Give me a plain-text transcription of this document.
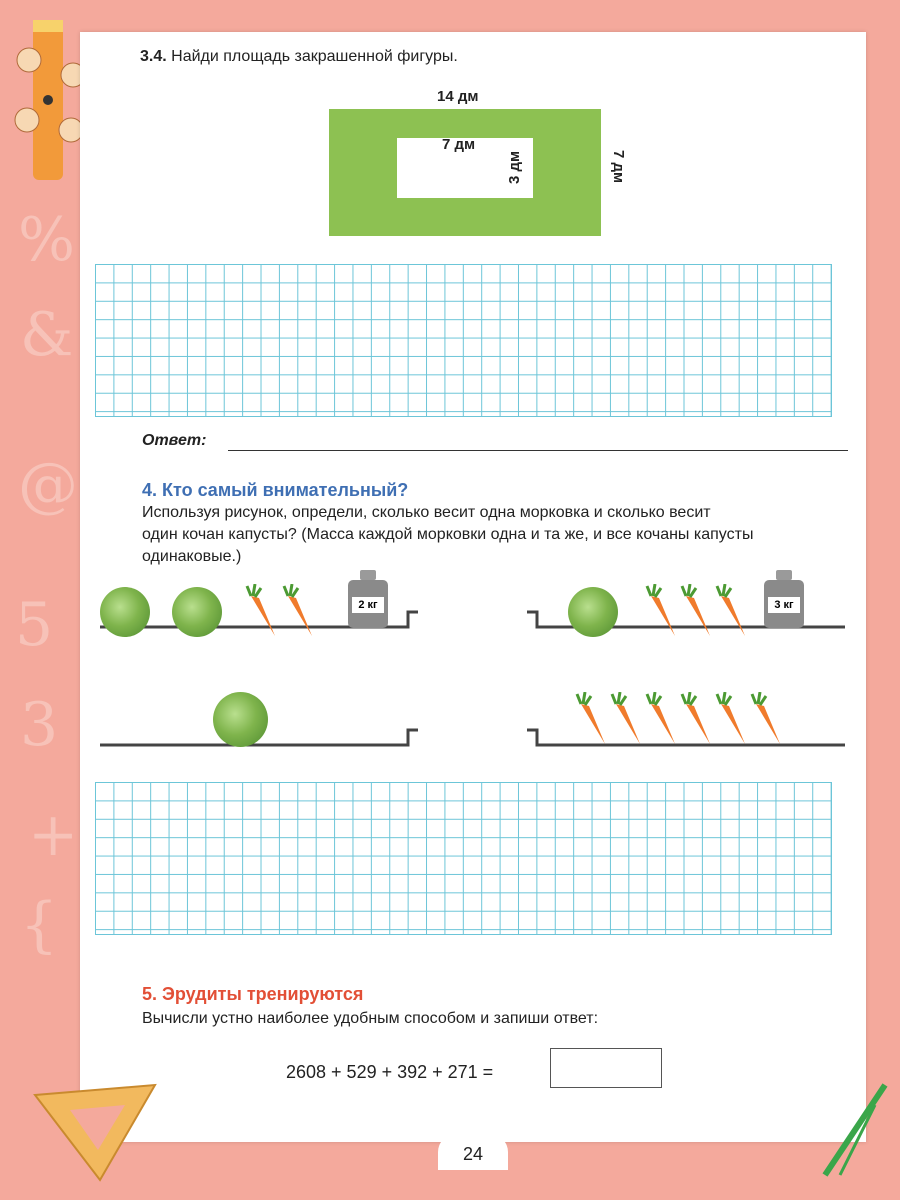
%
&
@
5
3
+
{
3.4. Найди площадь закрашенной фигуры.
14 дм
7 дм
3 дм	7 дм
Ответ:
4. Кто самый внимательный?
Используя рисунок, определи, сколько весит одна морковка и сколько весит
один кочан капусты? (Масса каждой морковки одна и та же, и все кочаны капусты
одинаковые.)
2 кг	3 кг
5. Эрудиты тренируются
Вычисли устно наиболее удобным способом и запиши ответ:
2608 + 529 + 392 + 271 =
24
